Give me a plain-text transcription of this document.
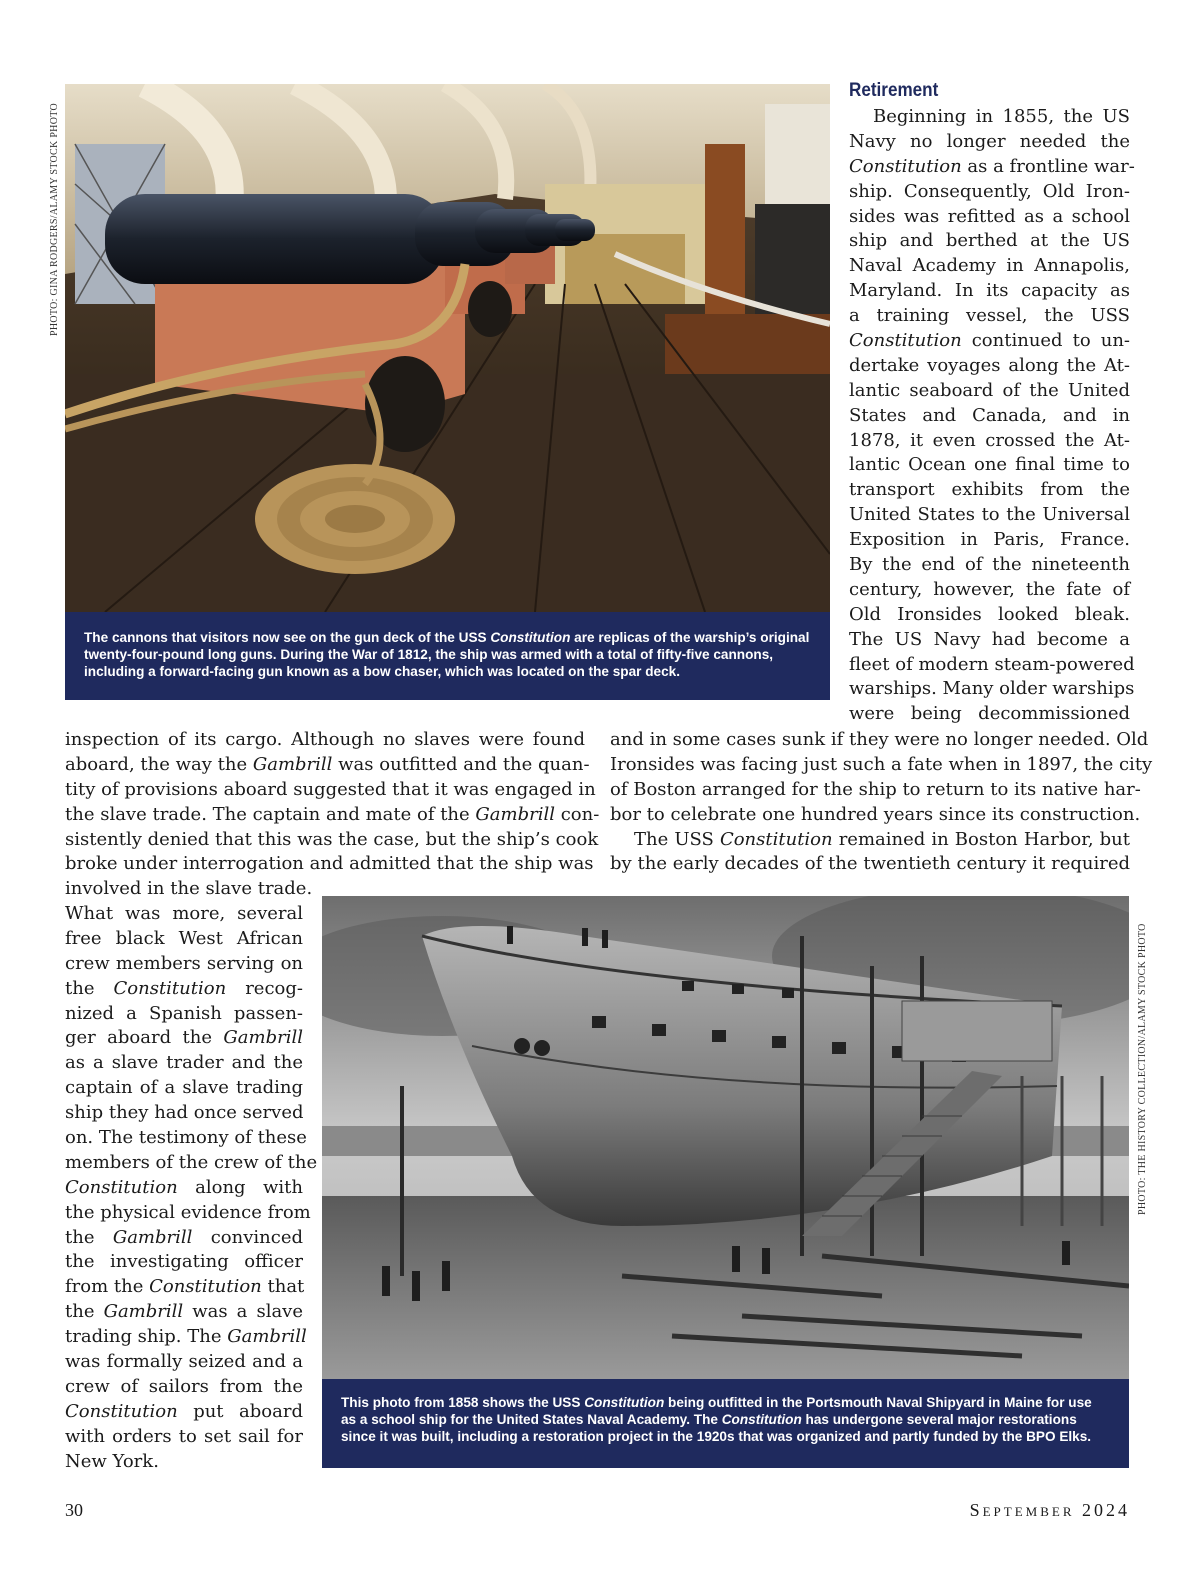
PHOTO: GINA RODGERS/ALAMY STOCK PHOTO
PHOTO: THE HISTORY COLLECTION/ALAMY STOCK PHOTO
The cannons that visitors now see on the gun deck of the USS Constitution are replicas of the warship’s original
twenty-four-pound long guns. During the War of 1812, the ship was armed with a total of fifty-five cannons,
including a forward-facing gun known as a bow chaser, which was located on the spar deck.
Retirement
Beginning in 1855, the US
Navy no longer needed the
Constitution as a frontline war-
ship. Consequently, Old Iron-
sides was refitted as a school
ship and berthed at the US
Naval Academy in Annapolis,
Maryland. In its capacity as
a training vessel, the USS
Constitution continued to un-
dertake voyages along the At-
lantic seaboard of the United
States and Canada, and in
1878, it even crossed the At-
lantic Ocean one final time to
transport exhibits from the
United States to the Universal
Exposition in Paris, France.
By the end of the nineteenth
century, however, the fate of
Old Ironsides looked bleak.
The US Navy had become a
fleet of modern steam-powered
warships. Many older warships
were being decommissioned
inspection of its cargo. Although no slaves were found
aboard, the way the Gambrill was outfitted and the quan-
tity of provisions aboard suggested that it was engaged in
the slave trade. The captain and mate of the Gambrill con-
sistently denied that this was the case, but the ship’s cook
broke under interrogation and admitted that the ship was
involved in the slave trade.
and in some cases sunk if they were no longer needed. Old
Ironsides was facing just such a fate when in 1897, the city
of Boston arranged for the ship to return to its native har-
bor to celebrate one hundred years since its construction.
The USS Constitution remained in Boston Harbor, but
by the early decades of the twentieth century it required
What was more, several
free black West African
crew members serving on
the Constitution recog-
nized a Spanish passen-
ger aboard the Gambrill
as a slave trader and the
captain of a slave trading
ship they had once served
on. The testimony of these
members of the crew of the
Constitution along with
the physical evidence from
the Gambrill convinced
the investigating officer
from the Constitution that
the Gambrill was a slave
trading ship. The Gambrill
was formally seized and a
crew of sailors from the
Constitution put aboard
with orders to set sail for
New York.
This photo from 1858 shows the USS Constitution being outfitted in the Portsmouth Naval Shipyard in Maine for use
as a school ship for the United States Naval Academy. The Constitution has undergone several major restorations
since it was built, including a restoration project in the 1920s that was organized and partly funded by the BPO Elks.
30	September 2024
